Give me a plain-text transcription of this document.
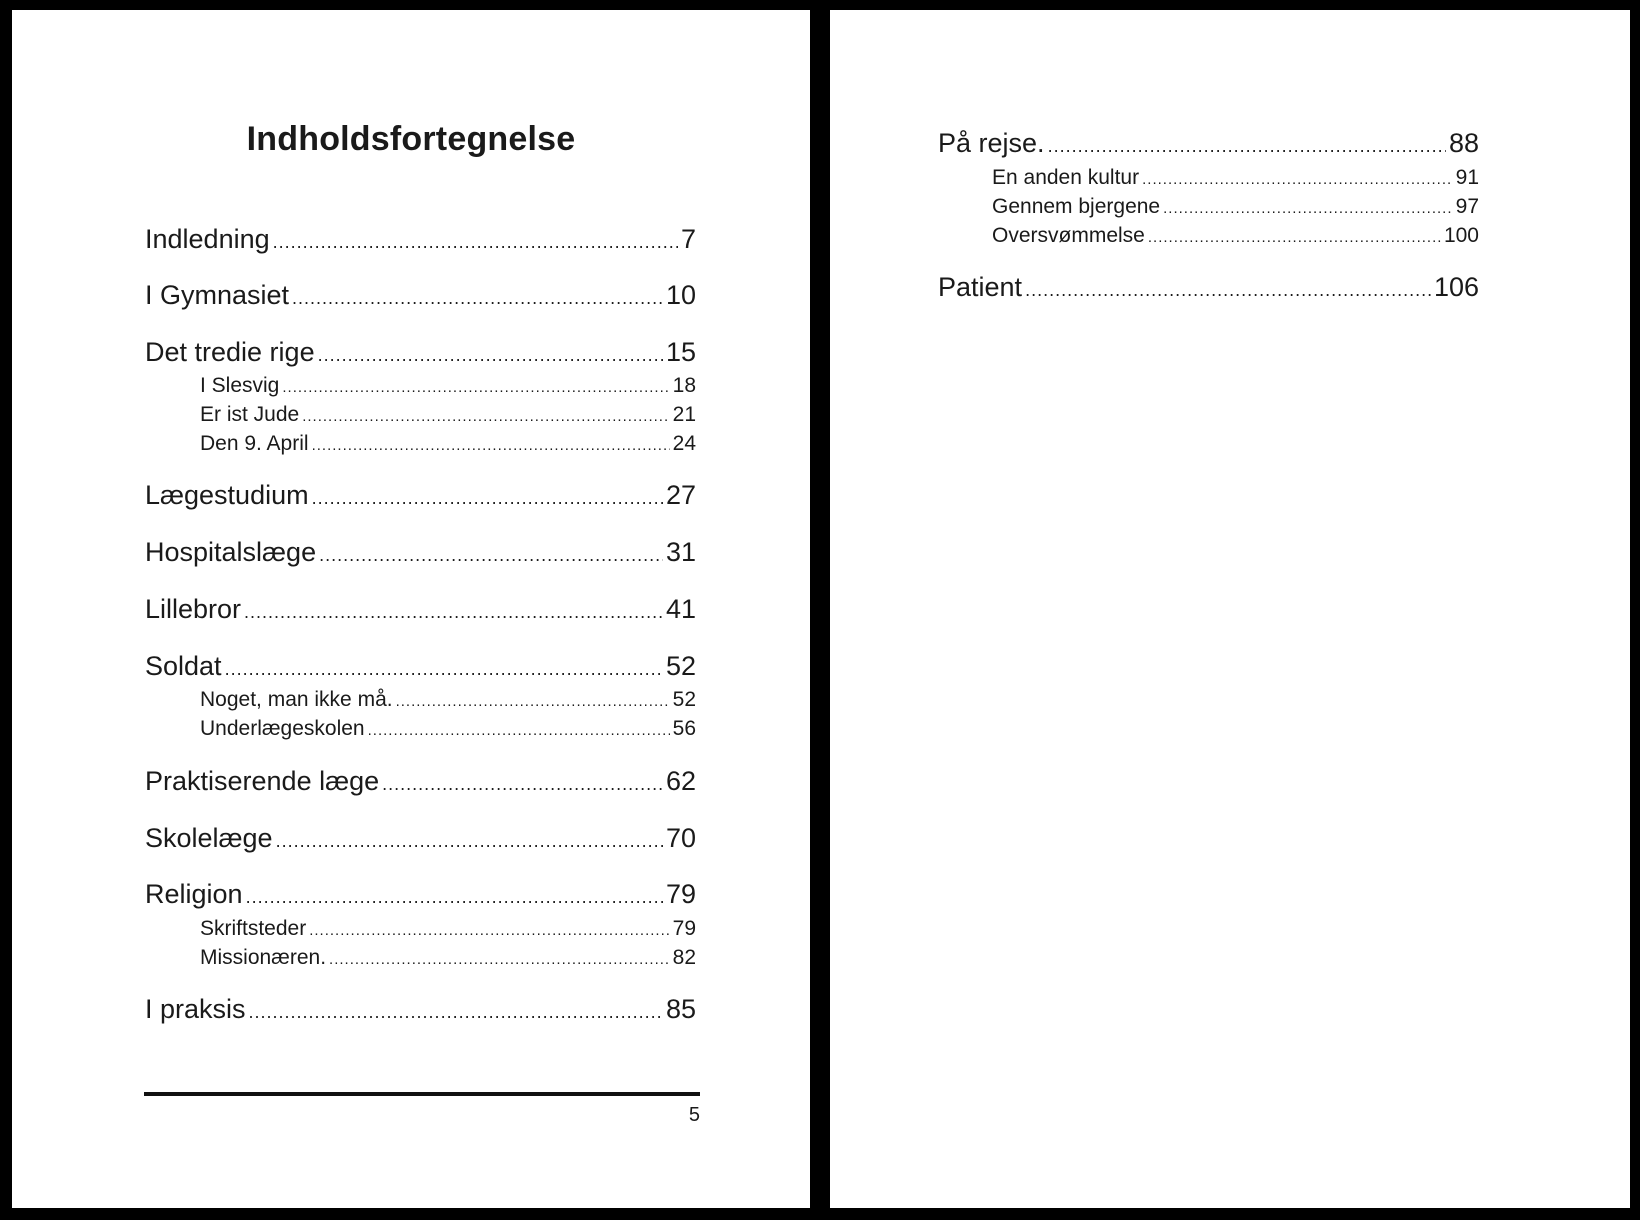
Indholdsfortegnelse
Indledning .....	7
I Gymnasiet .....	10
Det tredie rige .....	15
I Slesvig .....	18
Er ist Jude .....	21
Den 9. April .....	24
Lægestudium .....	27
Hospitalslæge .....	31
Lillebror .....	41
Soldat .....	52
Noget, man ikke må. .....	52
Underlægeskolen .....	56
Praktiserende læge .....	62
Skolelæge .....	70
Religion .....	79
Skriftsteder .....	79
Missionæren. .....	82
I praksis .....	85
5
På rejse. .....	88
En anden kultur .....	91
Gennem bjergene .....	97
Oversvømmelse .....	100
Patient .....	106
